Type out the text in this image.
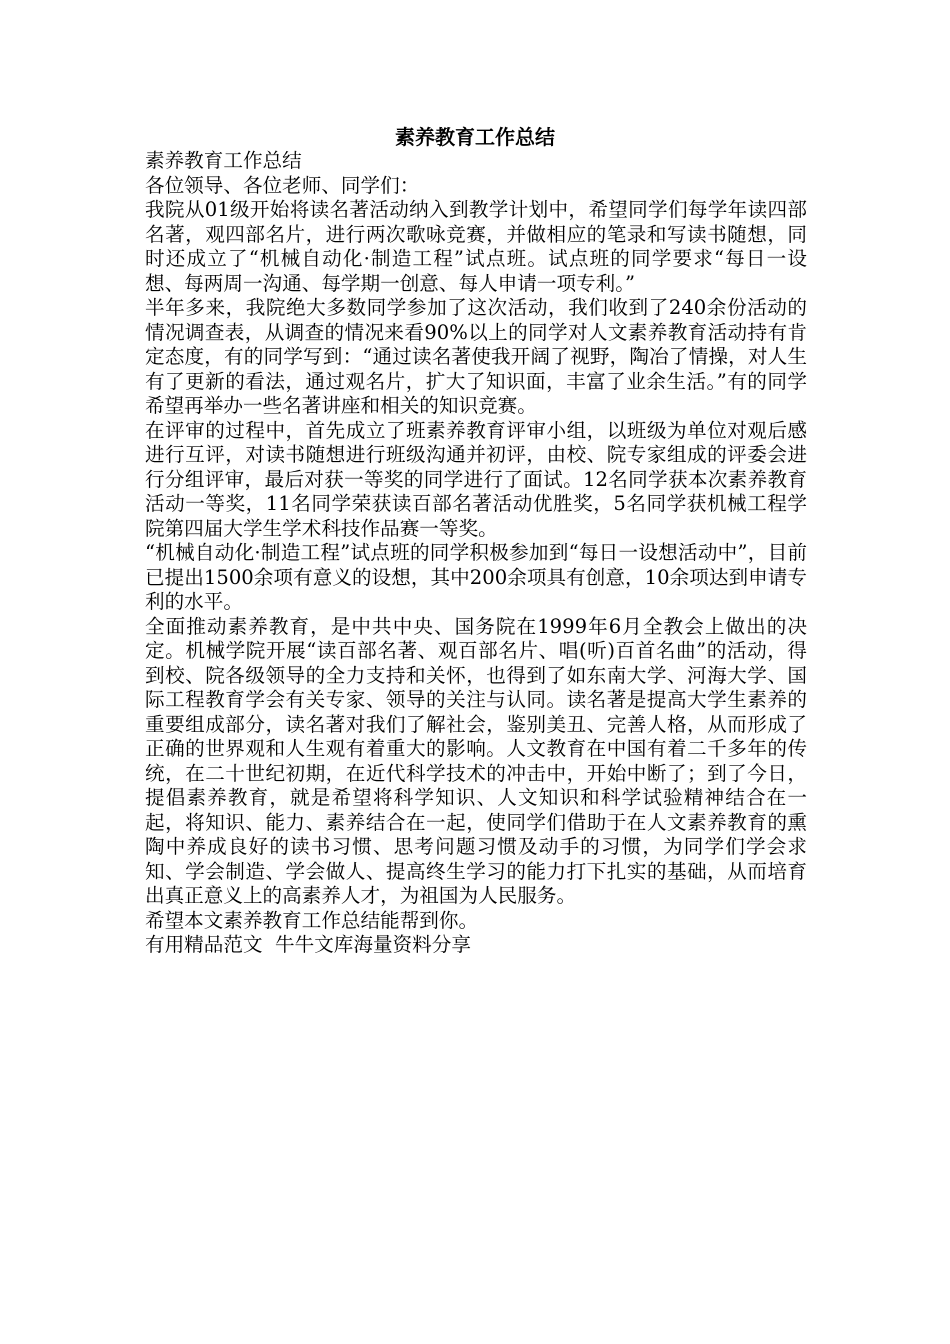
素养教育工作总结

素养教育工作总结

各位领导、各位老师、同学们：

我院从01级开始将读名著活动纳入到教学计划中，希望同学们每学年读四部名著，观四部名片，进行两次歌咏竞赛，并做相应的笔录和写读书随想，同时还成立了“机械自动化·制造工程”试点班。试点班的同学要求“每日一设想、每两周一沟通、每学期一创意、每人申请一项专利。”

半年多来，我院绝大多数同学参加了这次活动，我们收到了240余份活动的情况调查表，从调查的情况来看90%以上的同学对人文素养教育活动持有肯定态度，有的同学写到：“通过读名著使我开阔了视野，陶冶了情操，对人生有了更新的看法，通过观名片，扩大了知识面，丰富了业余生活。”有的同学希望再举办一些名著讲座和相关的知识竞赛。

在评审的过程中，首先成立了班素养教育评审小组，以班级为单位对观后感进行互评，对读书随想进行班级沟通并初评，由校、院专家组成的评委会进行分组评审，最后对获一等奖的同学进行了面试。12名同学获本次素养教育活动一等奖，11名同学荣获读百部名著活动优胜奖，5名同学获机械工程学院第四届大学生学术科技作品赛一等奖。

“机械自动化·制造工程”试点班的同学积极参加到“每日一设想活动中”，目前已提出1500余项有意义的设想，其中200余项具有创意，10余项达到申请专利的水平。

全面推动素养教育，是中共中央、国务院在1999年6月全教会上做出的决定。机械学院开展“读百部名著、观百部名片、唱(听)百首名曲”的活动，得到校、院各级领导的全力支持和关怀，也得到了如东南大学、河海大学、国际工程教育学会有关专家、领导的关注与认同。读名著是提高大学生素养的重要组成部分，读名著对我们了解社会，鉴别美丑、完善人格，从而形成了正确的世界观和人生观有着重大的影响。人文教育在中国有着二千多年的传统，在二十世纪初期，在近代科学技术的冲击中，开始中断了；到了今日，提倡素养教育，就是希望将科学知识、人文知识和科学试验精神结合在一起，将知识、能力、素养结合在一起，使同学们借助于在人文素养教育的熏陶中养成良好的读书习惯、思考问题习惯及动手的习惯，为同学们学会求知、学会制造、学会做人、提高终生学习的能力打下扎实的基础，从而培育出真正意义上的高素养人才，为祖国为人民服务。

希望本文素养教育工作总结能帮到你。

有用精品范文  牛牛文库海量资料分享
